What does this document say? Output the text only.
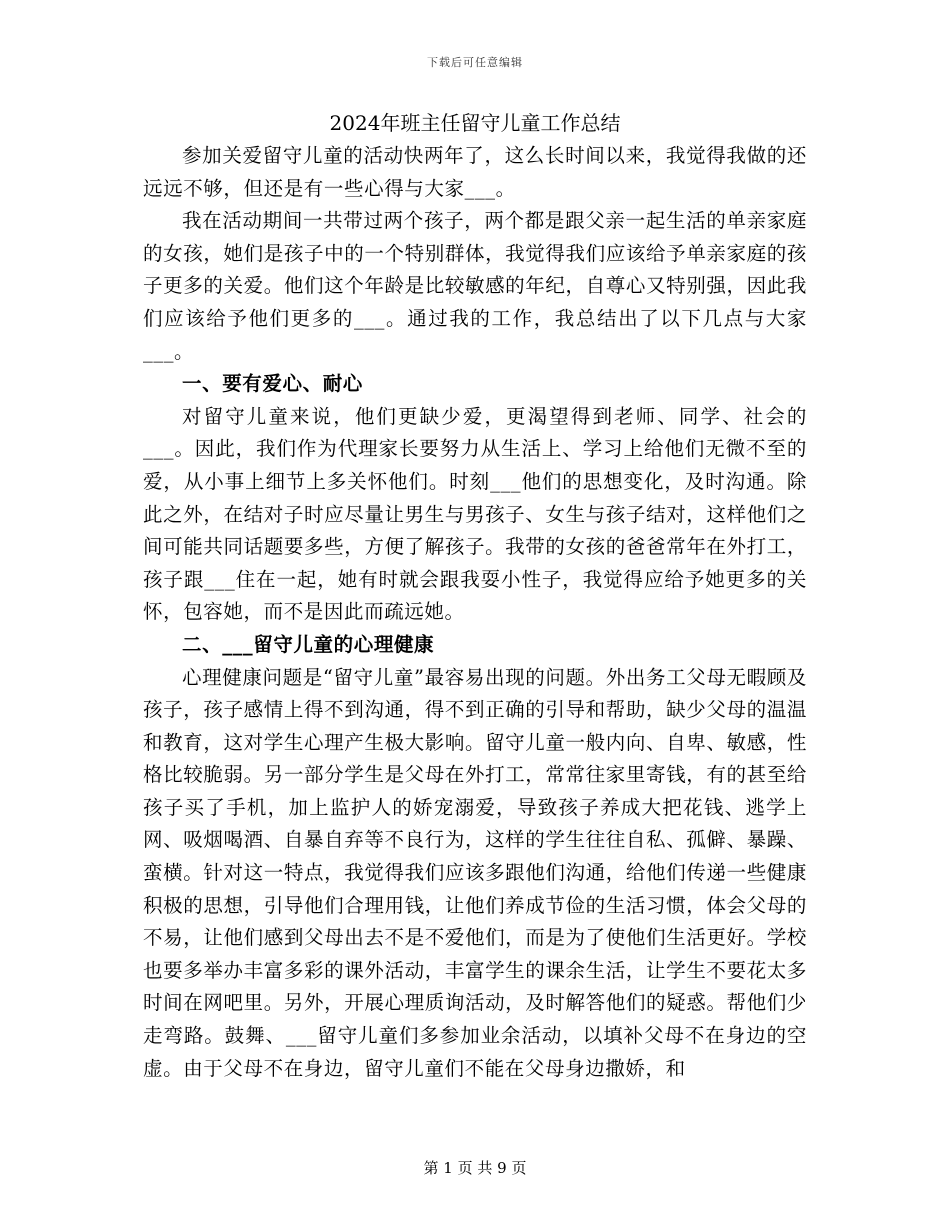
下载后可任意编辑
2024年班主任留守儿童工作总结

参加关爱留守儿童的活动快两年了，这么长时间以来，我觉得我做的还远远不够，但还是有一些心得与大家___。

我在活动期间一共带过两个孩子，两个都是跟父亲一起生活的单亲家庭的女孩，她们是孩子中的一个特别群体，我觉得我们应该给予单亲家庭的孩子更多的关爱。他们这个年龄是比较敏感的年纪，自尊心又特别强，因此我们应该给予他们更多的___。通过我的工作，我总结出了以下几点与大家___。

一、要有爱心、耐心

对留守儿童来说，他们更缺少爱，更渴望得到老师、同学、社会的___。因此，我们作为代理家长要努力从生活上、学习上给他们无微不至的爱，从小事上细节上多关怀他们。时刻___他们的思想变化，及时沟通。除此之外，在结对子时应尽量让男生与男孩子、女生与孩子结对，这样他们之间可能共同话题要多些，方便了解孩子。我带的女孩的爸爸常年在外打工，孩子跟___住在一起，她有时就会跟我耍小性子，我觉得应给予她更多的关怀，包容她，而不是因此而疏远她。

二、___留守儿童的心理健康

心理健康问题是“留守儿童”最容易出现的问题。外出务工父母无暇顾及孩子，孩子感情上得不到沟通，得不到正确的引导和帮助，缺少父母的温温和教育，这对学生心理产生极大影响。留守儿童一般内向、自卑、敏感，性格比较脆弱。另一部分学生是父母在外打工，常常往家里寄钱，有的甚至给孩子买了手机，加上监护人的娇宠溺爱，导致孩子养成大把花钱、逃学上网、吸烟喝酒、自暴自弃等不良行为，这样的学生往往自私、孤僻、暴躁、蛮横。针对这一特点，我觉得我们应该多跟他们沟通，给他们传递一些健康积极的思想，引导他们合理用钱，让他们养成节俭的生活习惯，体会父母的不易，让他们感到父母出去不是不爱他们，而是为了使他们生活更好。学校也要多举办丰富多彩的课外活动，丰富学生的课余生活，让学生不要花太多时间在网吧里。另外，开展心理质询活动，及时解答他们的疑惑。帮他们少走弯路。鼓舞、___留守儿童们多参加业余活动，以填补父母不在身边的空虚。由于父母不在身边，留守儿童们不能在父母身边撒娇，和

第 1 页 共 9 页
